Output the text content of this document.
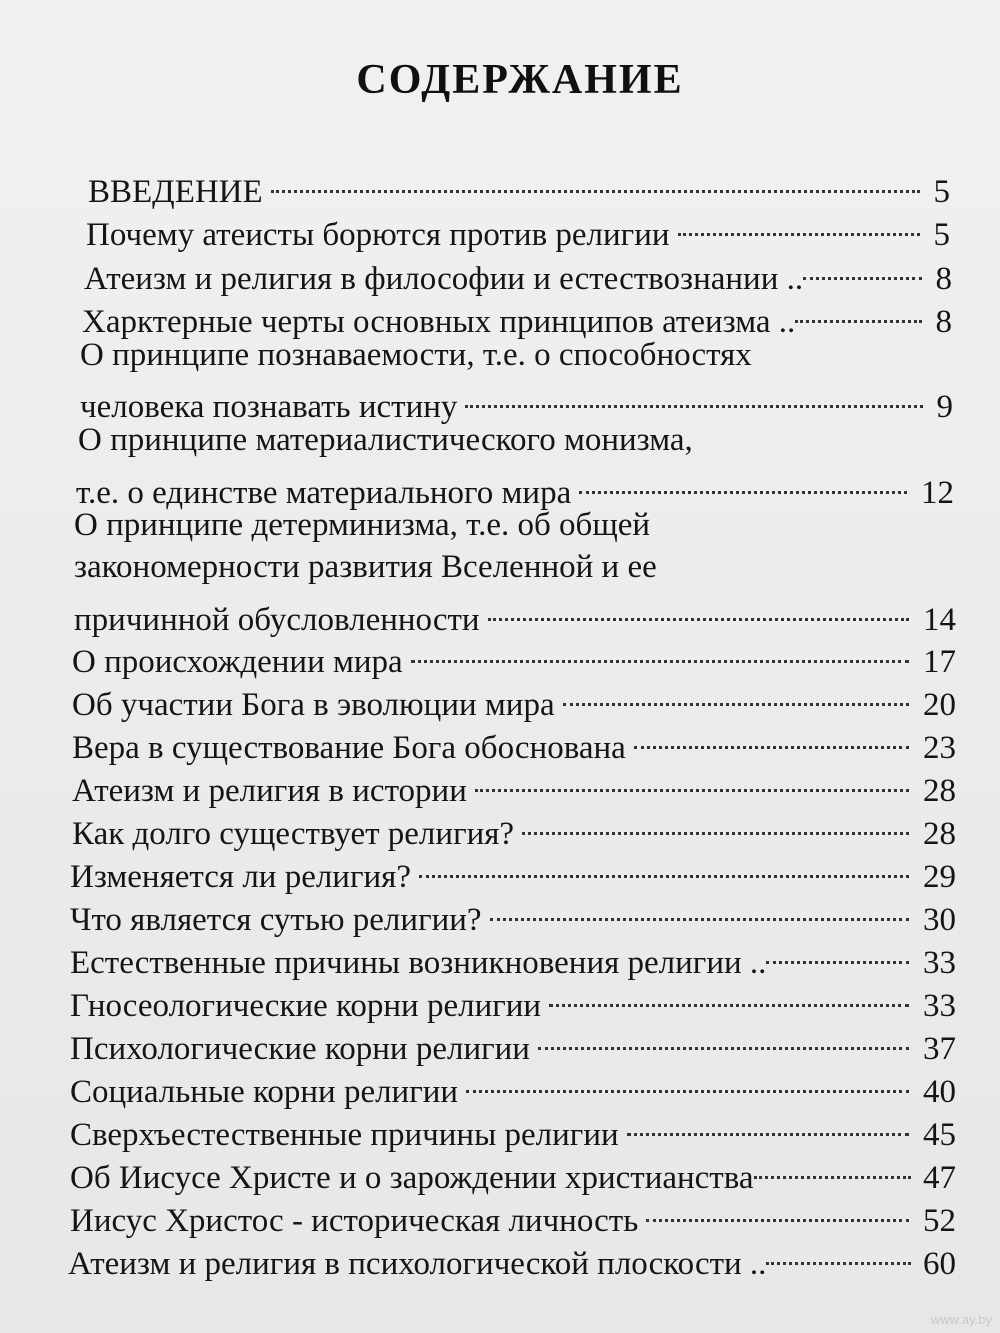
СОДЕРЖАНИЕ
ВВЕДЕНИЕ	5
Почему атеисты борются против религии	5
Атеизм и религия в философии и естествознании ..	8
Харктерные черты основных принципов атеизма ..	8
О принципе познаваемости, т.е. о способностях
человека познавать истину	9
О принципе материалистического монизма,
т.е. о единстве материального мира	12
О принципе детерминизма, т.е. об общей
закономерности развития Вселенной и ее
причинной обусловленности	14
О происхождении мира	17
Об участии Бога в эволюции мира	20
Вера в существование Бога обоснована	23
Атеизм и религия в истории	28
Как долго существует религия?	28
Изменяется ли религия?	29
Что является сутью религии?	30
Естественные причины возникновения религии ..	33
Гносеологические корни религии	33
Психологические корни религии	37
Социальные корни религии	40
Сверхъестественные причины религии	45
Об Иисусе Христе и о зарождении христианства	47
Иисус Христос - историческая личность	52
Атеизм и религия в психологической плоскости ..	60
www.ay.by
